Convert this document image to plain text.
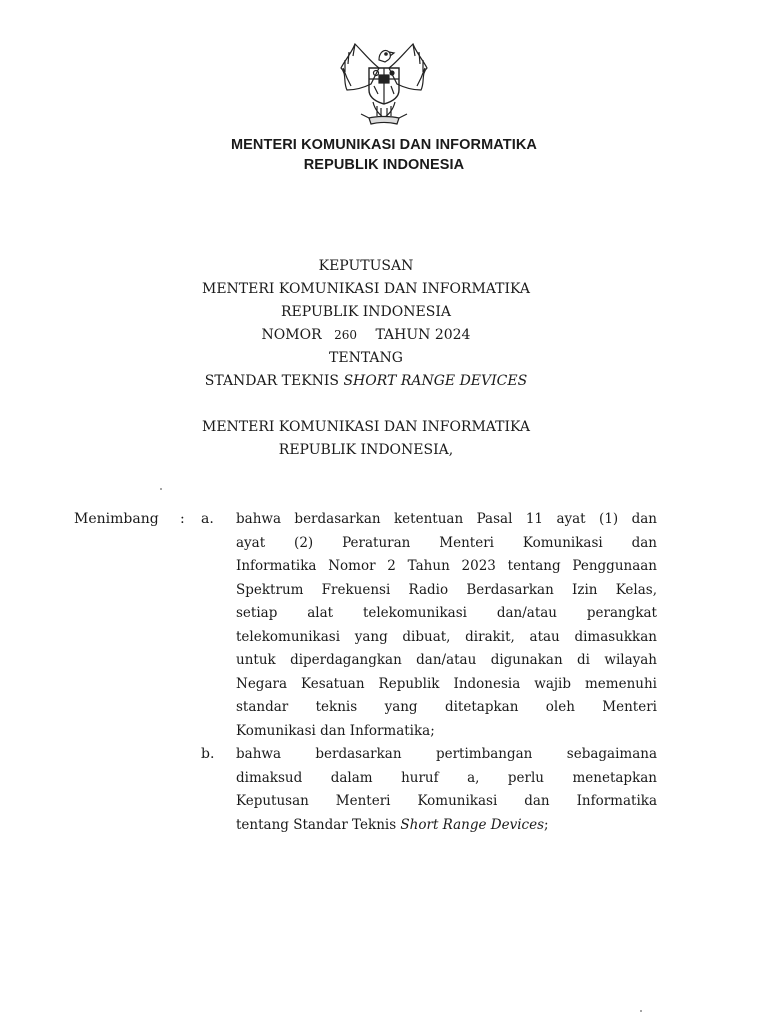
MENTERI KOMUNIKASI DAN INFORMATIKA
REPUBLIK INDONESIA
KEPUTUSAN
MENTERI KOMUNIKASI DAN INFORMATIKA
REPUBLIK INDONESIA
NOMOR 260 TAHUN 2024
TENTANG
STANDAR TEKNIS SHORT RANGE DEVICES
MENTERI KOMUNIKASI DAN INFORMATIKA
REPUBLIK INDONESIA,
Menimbang : a. bahwa berdasarkan ketentuan Pasal 11 ayat (1) dan
ayat (2) Peraturan Menteri Komunikasi dan
Informatika Nomor 2 Tahun 2023 tentang Penggunaan
Spektrum Frekuensi Radio Berdasarkan Izin Kelas,
setiap alat telekomunikasi dan/atau perangkat
telekomunikasi yang dibuat, dirakit, atau dimasukkan
untuk diperdagangkan dan/atau digunakan di wilayah
Negara Kesatuan Republik Indonesia wajib memenuhi
standar teknis yang ditetapkan oleh Menteri
Komunikasi dan Informatika;
b. bahwa berdasarkan pertimbangan sebagaimana
dimaksud dalam huruf a, perlu menetapkan
Keputusan Menteri Komunikasi dan Informatika
tentang Standar Teknis Short Range Devices;
